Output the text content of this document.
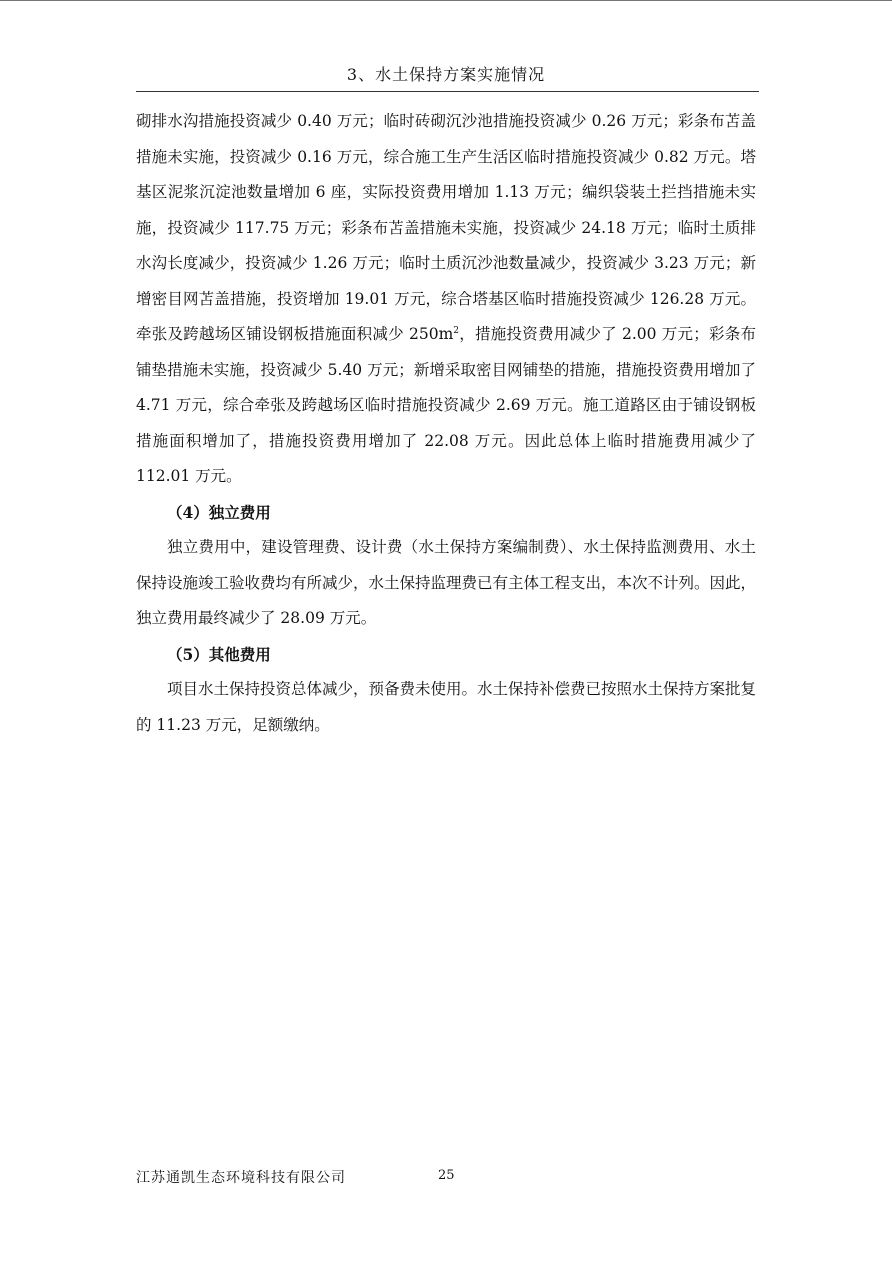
3、水土保持方案实施情况

砌排水沟措施投资减少 0.40 万元；临时砖砌沉沙池措施投资减少 0.26 万元；彩条布苫盖措施未实施，投资减少 0.16 万元，综合施工生产生活区临时措施投资减少 0.82 万元。塔基区泥浆沉淀池数量增加 6 座，实际投资费用增加 1.13 万元；编织袋装土拦挡措施未实施，投资减少 117.75 万元；彩条布苫盖措施未实施，投资减少 24.18 万元；临时土质排水沟长度减少，投资减少 1.26 万元；临时土质沉沙池数量减少，投资减少 3.23 万元；新增密目网苫盖措施，投资增加 19.01 万元，综合塔基区临时措施投资减少 126.28 万元。牵张及跨越场区铺设钢板措施面积减少 $250m^2$，措施投资费用减少了 2.00 万元；彩条布铺垫措施未实施，投资减少 5.40 万元；新增采取密目网铺垫的措施，措施投资费用增加了 4.71 万元，综合牵张及跨越场区临时措施投资减少 2.69 万元。施工道路区由于铺设钢板措施面积增加了，措施投资费用增加了 22.08 万元。因此总体上临时措施费用减少了 112.01 万元。

（4）独立费用

独立费用中，建设管理费、设计费（水土保持方案编制费）、水土保持监测费用、水土保持设施竣工验收费均有所减少，水土保持监理费已有主体工程支出，本次不计列。因此，独立费用最终减少了 28.09 万元。

（5）其他费用

项目水土保持投资总体减少，预备费未使用。水土保持补偿费已按照水土保持方案批复的 11.23 万元，足额缴纳。

江苏通凯生态环境科技有限公司	25
